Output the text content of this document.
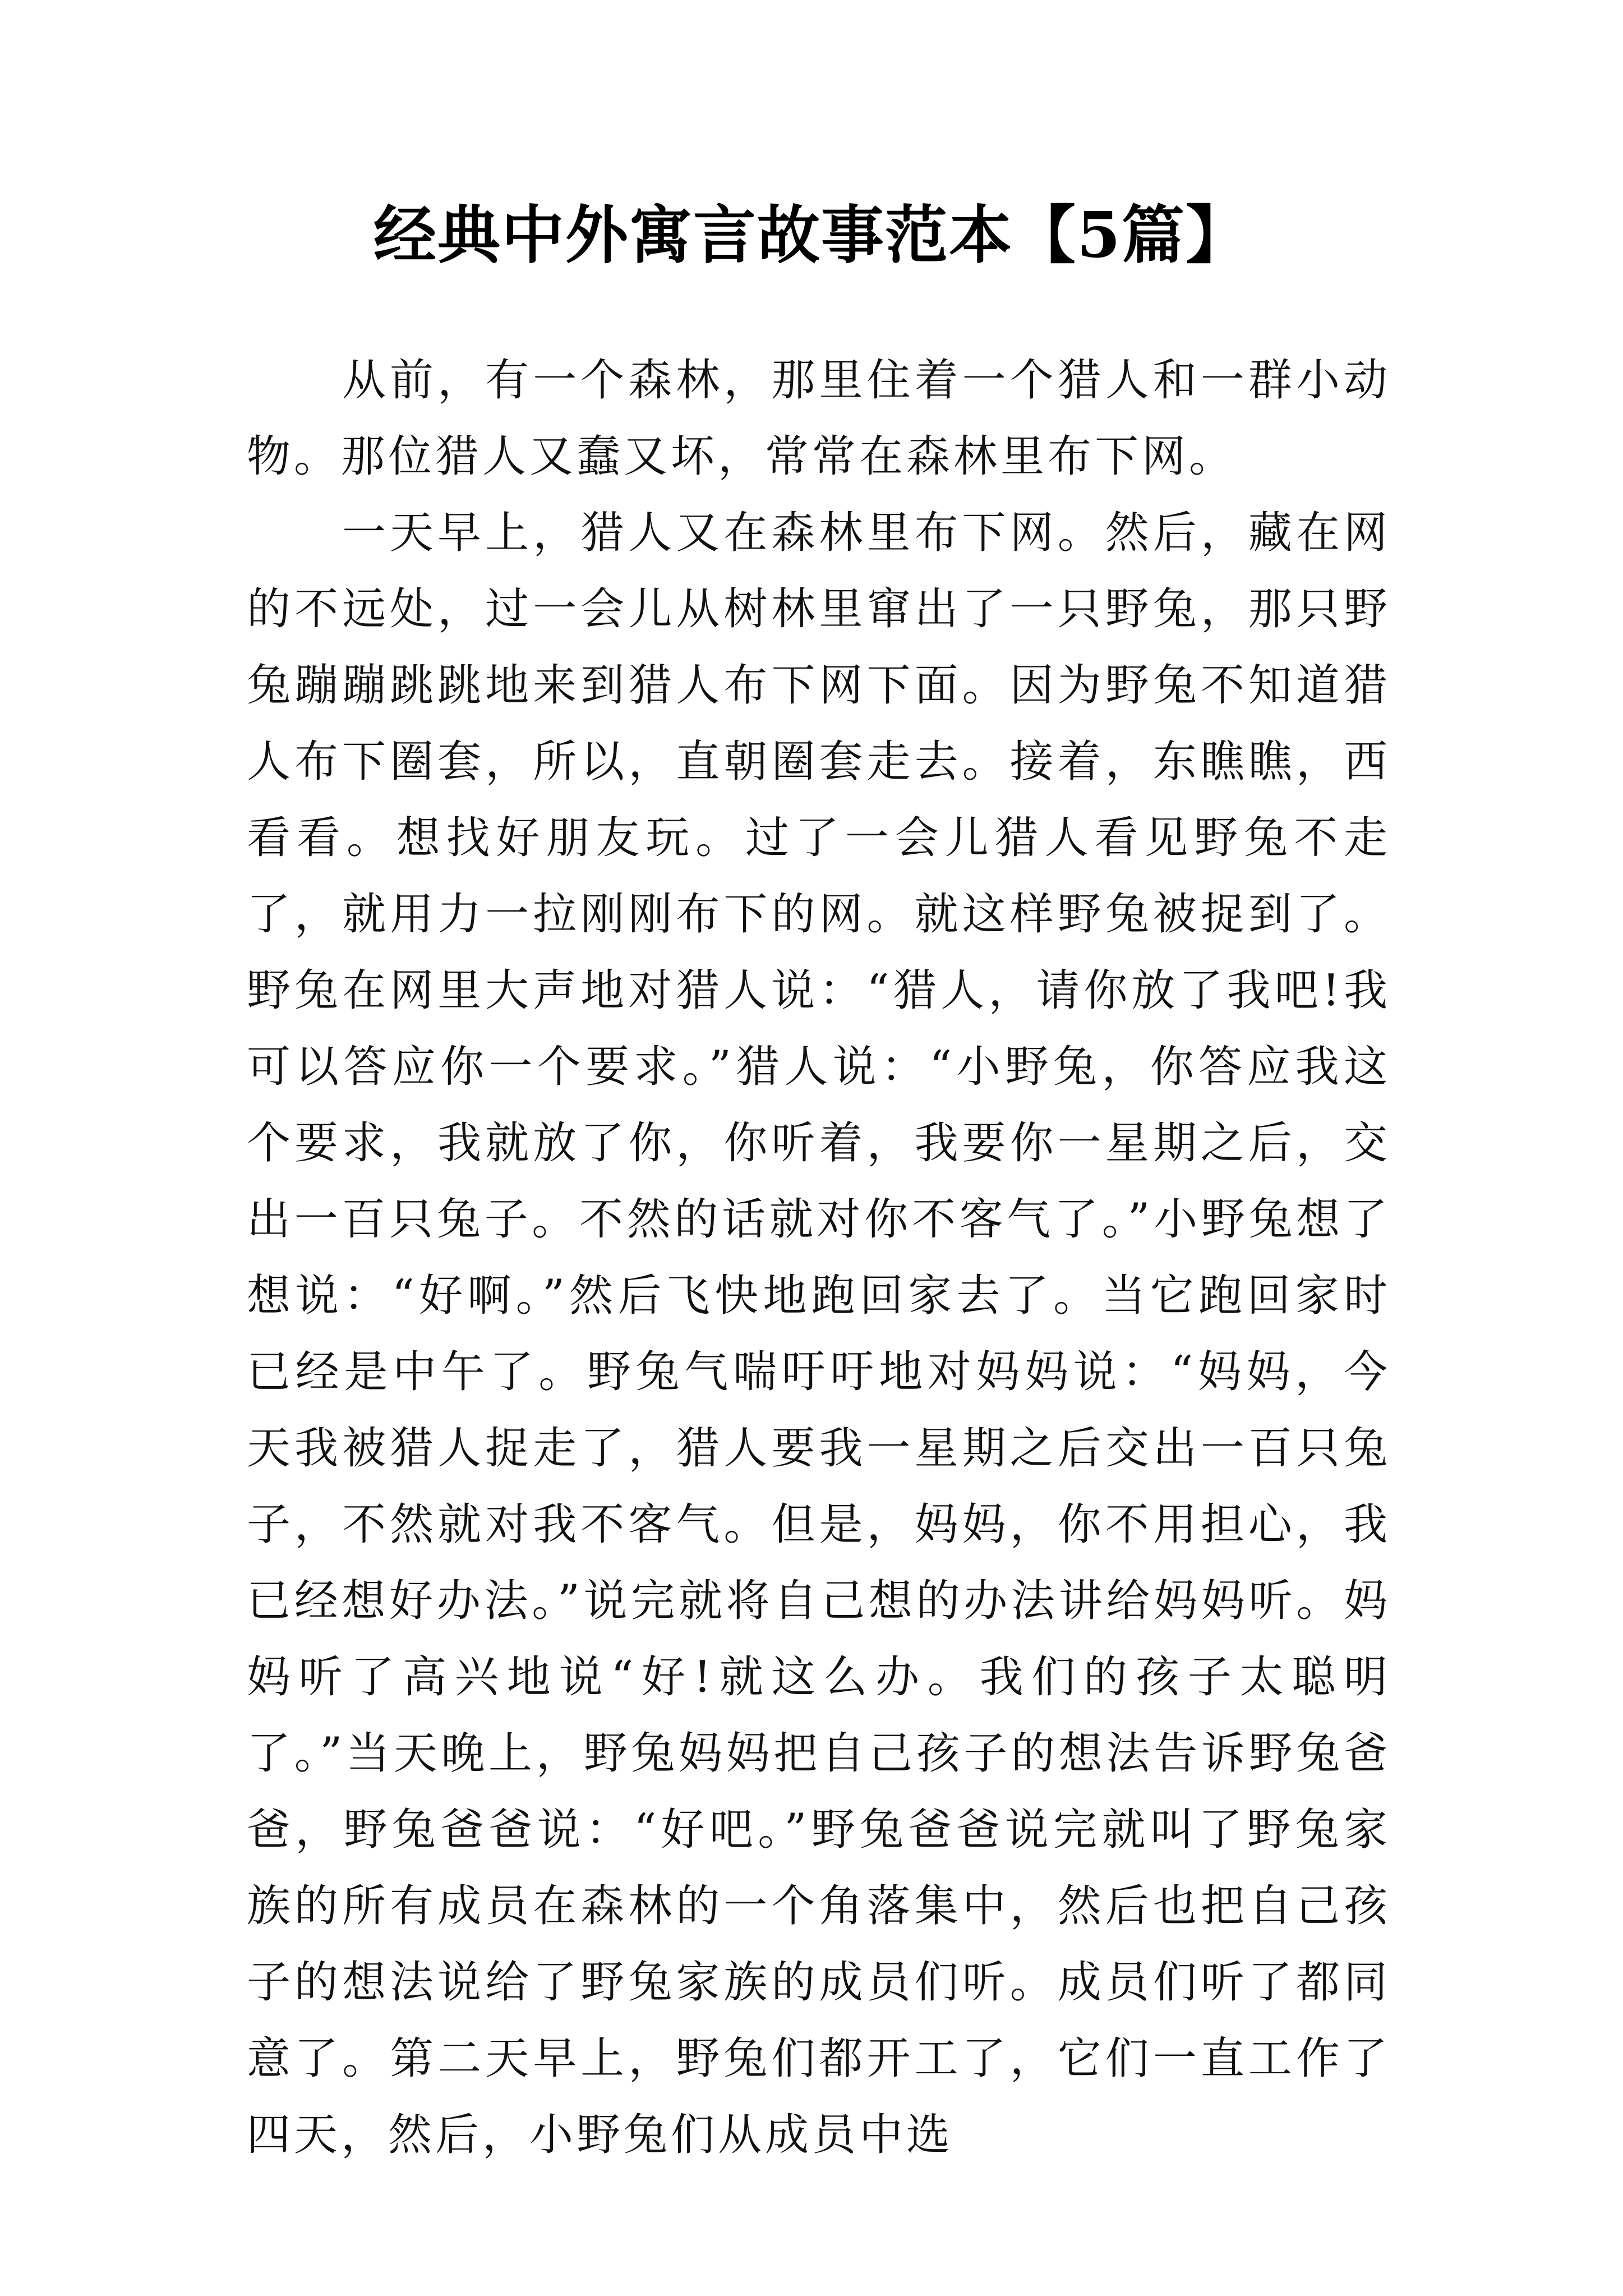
经典中外寓言故事范本【5篇】

从前，有一个森林，那里住着一个猎人和一群小动物。那位猎人又蠢又坏，常常在森林里布下网。

一天早上，猎人又在森林里布下网。然后，藏在网的不远处，过一会儿从树林里窜出了一只野兔，那只野兔蹦蹦跳跳地来到猎人布下网下面。因为野兔不知道猎人布下圈套，所以，直朝圈套走去。接着，东瞧瞧，西看看。想找好朋友玩。过了一会儿猎人看见野兔不走了，就用力一拉刚刚布下的网。就这样野兔被捉到了。野兔在网里大声地对猎人说：“猎人，请你放了我吧!我可以答应你一个要求。”猎人说：“小野兔，你答应我这个要求，我就放了你，你听着，我要你一星期之后，交出一百只兔子。不然的话就对你不客气了。”小野兔想了想说：“好啊。”然后飞快地跑回家去了。当它跑回家时已经是中午了。野兔气喘吁吁地对妈妈说：“妈妈，今天我被猎人捉走了，猎人要我一星期之后交出一百只兔子，不然就对我不客气。但是，妈妈，你不用担心，我已经想好办法。”说完就将自己想的办法讲给妈妈听。妈妈听了高兴地说“好!就这么办。我们的孩子太聪明了。”当天晚上，野兔妈妈把自己孩子的想法告诉野兔爸爸，野兔爸爸说：“好吧。”野兔爸爸说完就叫了野兔家族的所有成员在森林的一个角落集中，然后也把自己孩子的想法说给了野兔家族的成员们听。成员们听了都同意了。第二天早上，野兔们都开工了，它们一直工作了四天，然后，小野兔们从成员中选
